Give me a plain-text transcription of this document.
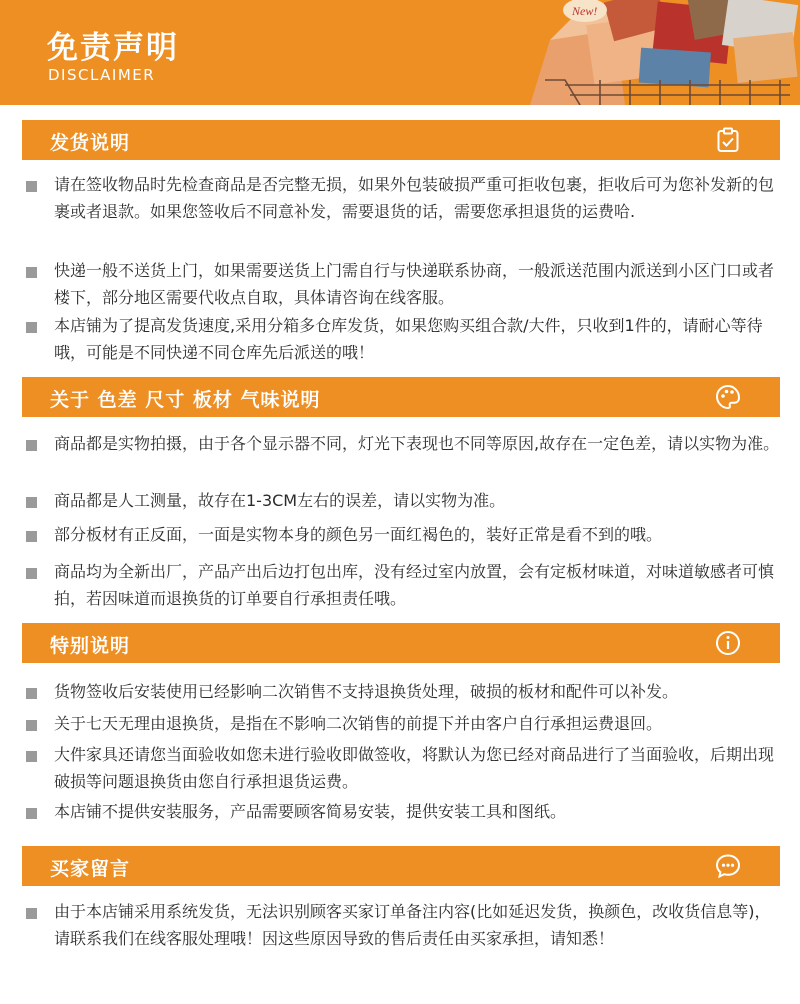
免责声明
DISCLAIMER
New!
发货说明
请在签收物品时先检查商品是否完整无损，如果外包装破损严重可拒收包裹，拒收后可为您补发新的包裹或者退款。如果您签收后不同意补发，需要退货的话，需要您承担退货的运费哈.
快递一般不送货上门，如果需要送货上门需自行与快递联系协商，一般派送范围内派送到小区门口或者楼下，部分地区需要代收点自取，具体请咨询在线客服。
本店铺为了提高发货速度,采用分箱多仓库发货，如果您购买组合款/大件，只收到1件的，请耐心等待哦，可能是不同快递不同仓库先后派送的哦！
关于 色差 尺寸 板材 气味说明
商品都是实物拍摄，由于各个显示器不同，灯光下表现也不同等原因,故存在一定色差，请以实物为准。
商品都是人工测量，故存在1-3CM左右的误差，请以实物为准。
部分板材有正反面，一面是实物本身的颜色另一面红褐色的，装好正常是看不到的哦。
商品均为全新出厂，产品产出后边打包出库，没有经过室内放置，会有定板材味道，对味道敏感者可慎拍，若因味道而退换货的订单要自行承担责任哦。
特别说明
货物签收后安装使用已经影响二次销售不支持退换货处理，破损的板材和配件可以补发。
关于七天无理由退换货，是指在不影响二次销售的前提下并由客户自行承担运费退回。
大件家具还请您当面验收如您未进行验收即做签收，将默认为您已经对商品进行了当面验收，后期出现破损等问题退换货由您自行承担退货运费。
本店铺不提供安装服务，产品需要顾客简易安装，提供安装工具和图纸。
买家留言
由于本店铺采用系统发货，无法识别顾客买家订单备注内容(比如延迟发货，换颜色，改收货信息等)，请联系我们在线客服处理哦！因这些原因导致的售后责任由买家承担，请知悉！
